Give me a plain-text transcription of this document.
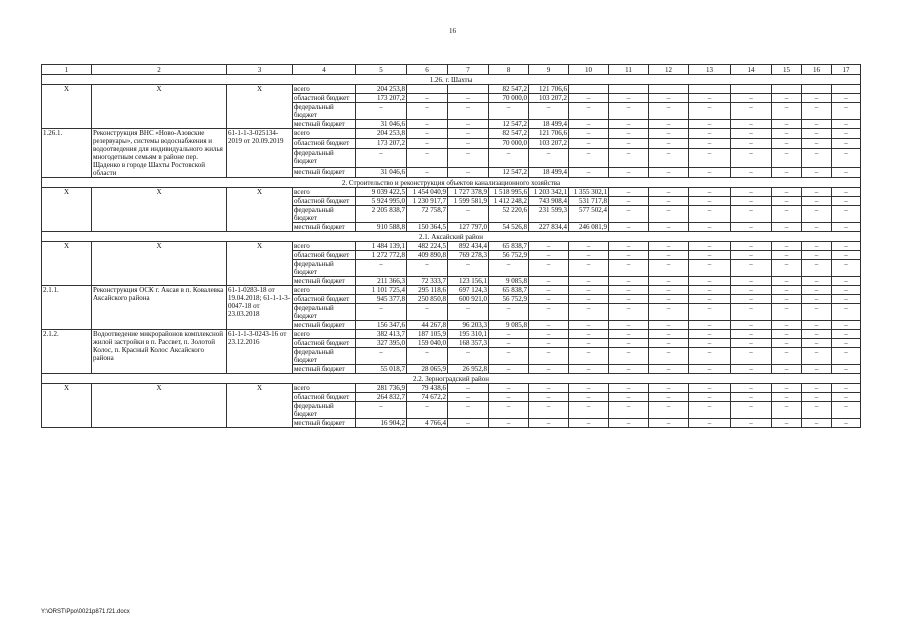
16
1	2	3	4	5	6	7	8	9	10	11	12	13	14	15	16	17
1.26. г. Шахты																
X	X	X	всего	204 253,8			82 547,2	121 706,6								
			областной бюджет	173 207,2	–	–	70 000,0	103 207,2	–	–	–	–	–	–	–	–
			федеральный бюджет	–	–	–	–	–	–	–	–	–	–	–	–	–
			местный бюджет	31 046,6	–	–	12 547,2	18 499,4	–	–	–	–	–	–	–	–
1.26.1.	Реконструкция ВНС «Ново-Азовские резервуары», системы водоснабжения и водоотведения для индивидуального жилья многодетным семьям в районе пер. Щаденко в городе Шахты Ростовской области	61-1-1-3-025134-2019 от 20.09.2019	всего	204 253,8	–	–	82 547,2	121 706,6	–	–	–	–	–	–	–	–
			областной бюджет	173 207,2	–	–	70 000,0	103 207,2	–	–	–	–	–	–	–	–
			федеральный бюджет	–	–	–	–	–	–	–	–	–	–	–	–	–
			местный бюджет	31 046,6	–	–	12 547,2	18 499,4	–	–	–	–	–	–	–	–
2. Строительство и реконструкция объектов канализационного хозяйства																
X	X	X	всего	9 039 422,5	1 454 040,9	1 727 378,9	1 518 995,6	1 203 342,1	1 355 302,1	–	–	–	–	–	–	–
			областной бюджет	5 924 995,0	1 230 917,7	1 599 581,9	1 412 248,2	743 908,4	531 717,8	–	–	–	–	–	–	–
			федеральный бюджет	2 205 838,7	72 758,7	–	52 220,6	231 599,3	577 502,4	–	–	–	–	–	–	–
			местный бюджет	910 588,8	150 364,5	127 797,0	54 526,8	227 834,4	246 081,9	–	–	–	–	–	–	–
2.1. Аксайский район																
X	X	X	всего	1 484 139,1	482 224,5	892 434,4	65 838,7	–	–	–	–	–	–	–	–	–
			областной бюджет	1 272 772,8	409 890,8	769 278,3	56 752,9	–	–	–	–	–	–	–	–	–
			федеральный бюджет	–	–	–	–	–	–	–	–	–	–	–	–	–
			местный бюджет	211 366,3	72 333,7	123 156,1	9 085,8	–	–	–	–	–	–	–	–	–
2.1.1.	Реконструкция ОСК г. Аксая в п. Ковалевка Аксайского района	61-1-0283-18 от 19.04.2018; 61-1-1-3-0047-18 от 23.03.2018	всего	1 101 725,4	295 118,6	697 124,3	65 838,7	–	–	–	–	–	–	–	–	–
			областной бюджет	945 377,8	250 850,8	600 921,0	56 752,9	–	–	–	–	–	–	–	–	–
			федеральный бюджет	–	–	–	–	–	–	–	–	–	–	–	–	–
			местный бюджет	156 347,6	44 267,8	96 203,3	9 085,8	–	–	–	–	–	–	–	–	–
2.1.2.	Водоотведение микрорайонов комплексной жилой застройки в п. Рассвет, п. Золотой Колос, п. Красный Колос Аксайского района	61-1-1-3-0243-16 от 23.12.2016	всего	382 413,7	187 105,9	195 310,1	–	–	–	–	–	–	–	–	–	–
			областной бюджет	327 395,0	159 040,0	168 357,3	–	–	–	–	–	–	–	–	–	–
			федеральный бюджет	–	–	–	–	–	–	–	–	–	–	–	–	–
			местный бюджет	55 018,7	28 065,9	26 952,8	–	–	–	–	–	–	–	–	–	–
2.2. Зерноградский район																
X	X	X	всего	281 736,9	79 438,6	–	–	–	–	–	–	–	–	–	–	–
			областной бюджет	264 832,7	74 672,2	–	–	–	–	–	–	–	–	–	–	–
			федеральный бюджет	–	–	–	–	–	–	–	–	–	–	–	–	–
			местный бюджет	16 904,2	4 766,4	–	–	–	–	–	–	–	–	–	–	–
Y:\ORST\Ppo\0021p871.f21.docx
